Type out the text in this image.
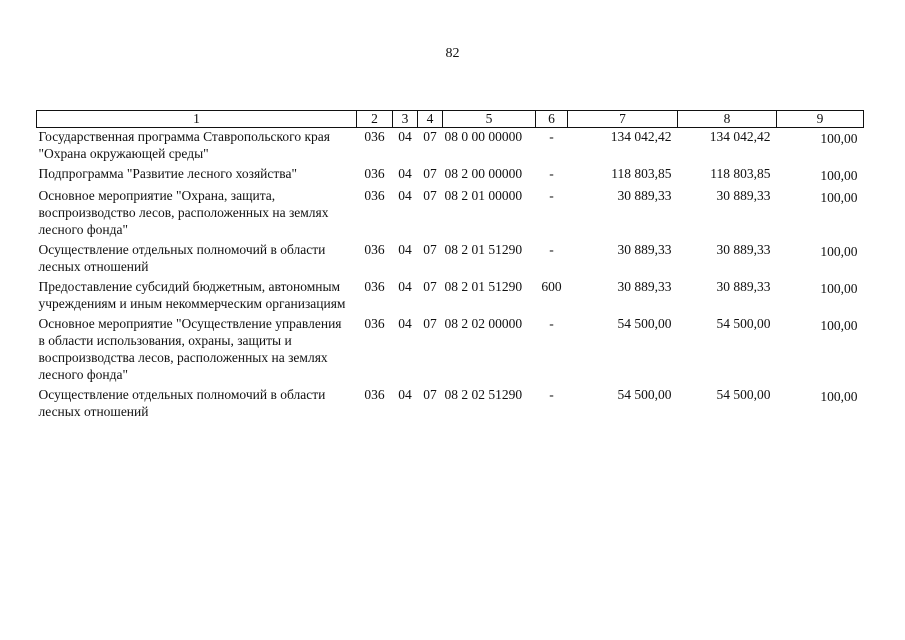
82
1	2	3	4	5	6	7	8	9
Государственная программа Ставропольского края "Охрана окружающей среды"	036	04	07	08 0 00 00000	-	134 042,42	134 042,42	100,00
Подпрограмма "Развитие лесного хозяйства"	036	04	07	08 2 00 00000	-	118 803,85	118 803,85	100,00
Основное мероприятие "Охрана, защита, воспроизводство лесов, расположенных на землях лесного фонда"	036	04	07	08 2 01 00000	-	30 889,33	30 889,33	100,00
Осуществление отдельных полномочий в области лесных отношений	036	04	07	08 2 01 51290	-	30 889,33	30 889,33	100,00
Предоставление субсидий бюджетным, автономным учреждениям и иным некоммерческим организациям	036	04	07	08 2 01 51290	600	30 889,33	30 889,33	100,00
Основное мероприятие "Осуществление управления в области использования, охраны, защиты и воспроизводства лесов, расположенных на землях лесного фонда"	036	04	07	08 2 02 00000	-	54 500,00	54 500,00	100,00
Осуществление отдельных полномочий в области лесных отношений	036	04	07	08 2 02 51290	-	54 500,00	54 500,00	100,00
